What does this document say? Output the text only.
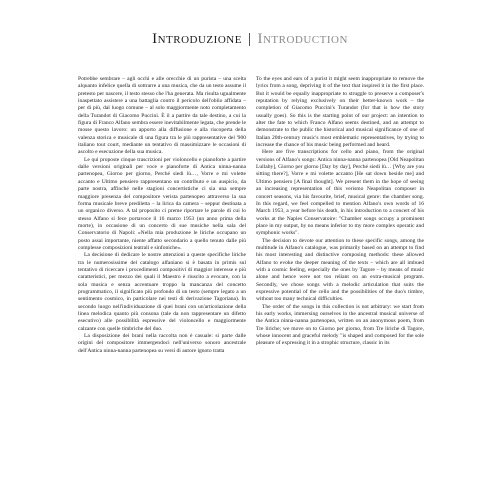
Introduzione | Introduction

Potrebbe sembrare – agli occhi e alle orecchie di un purista – una scelta alquanto infelice quella di sottrarre a una musica, che da un testo assume il pretesto per nascere, il testo stesso che l'ha generata. Ma risulta ugualmente inaspettato assistere a una battaglia contro il pericolo dell'oblio affidata – per di più, dal luogo comune – al solo maggiormente noto completamento della Turandot di Giacomo Puccini. È il a partire da tale destino, a cui la figura di Franco Alfano sembra essere inevitabilmente legata, che prende le mosse questo lavoro: un apporto alla diffusione e alla riscoperta della valenza storica e musicale di una figura tra le più rappresentative del '900 italiano tout court, mediante un tentativo di massimizzare le occasioni di ascolto e esecuzione della sua musica.

Le qui proposte cinque trascrizioni per violoncello e pianoforte a partire dalle versioni originali per voce e pianoforte di Antica ninna-nanna partenopea, Giorno per giorno, Perché siedi lù…, Vorre e mi volette accanto e Ultimo pensiero rappresentano un contributo e un auspicio, da parte nostra, affinché nelle stagioni concertistiche ci sia una sempre maggiore presenza del compositore verista partenopeo attraverso la sua forma musicale breve prediletta – la lirica da camera – seppur destinata a un organico diverso. A tal proposito ci preme riportare le parole di cui lo stesso Alfano si fece portavoce il 16 marzo 1953 (un anno prima della morte), in occasione di un concerto di sue musiche nella sala del Conservatorio di Napoli: «Nella mia produzione le liriche occupano un posto assai importante, niente affatto secondario a quello tenuto dalle più complesse composizioni teatrali e sinfoniche».

La decisione di dedicare le nostre attenzioni a queste specifiche liriche tra le numerosissime del catalogo alfaniano si è basata in primis sul tentativo di ricercare i procedimenti compositivi di maggior interesse e più caratteristici, per mezzo dei quali il Maestro è riuscito a evocare, con la sola musica e senza accentuare troppo la mancanza del concetto programmatico, il significato più profondo di un testo (sempre legato a un sentimento cosmico, in particolare nei testi di derivazione Tagoriana). In secondo luogo nell'individuazione di quei brani con un'articolazione della linea melodica quanto più consona (tale da non rappresentare un difetto esecutivo) alle possibilità espressive del violoncello e maggiormente calzante con quelle timbriche del duo.

La disposizione dei brani nella raccolta non è casuale: si parte dalle origini del compositore immergendoci nell'universo sonoro ancestrale dell'Antica ninna-nanna partenopea su versi di autore ignoto tratta

To the eyes and ears of a purist it might seem inappropriate to remove the lyrics from a song, depriving it of the text that inspired it in the first place. But it would be equally inappropriate to struggle to preserve a composer's reputation by relying exclusively on their better-known work – the completion of Giacomo Puccini's Turandot (for that is how the story usually goes). So this is the starting point of our project: an intention to alter the fate to which Franco Alfano seems destined, and an attempt to demonstrate to the public the historical and musical significance of one of Italian 20th-century music's most emblematic representatives, by trying to increase the chance of his music being performed and heard.

Here are five transcriptions for cello and piano, from the original versions of Alfano's songs: Antica ninna-nanna partenopea [Old Neapolitan Lullaby], Giorno per giorno [Day by day], Perché siedi lù… [Why are you sitting there?], Vorre e mi volette accanto [He sat down beside me] and Ultimo pensiero [A final thought]. We present them in the hope of seeing an increasing representation of this verismo Neapolitan composer in concert seasons, via his favourite, brief, musical genre: the chamber song. In this regard, we feel compelled to mention Alfano's own words of 16 March 1953, a year before his death, in his introduction to a concert of his works at the Naples Conservatoire: "Chamber songs occupy a prominent place in my output, by no means inferior to my more complex operatic and symphonic works".

The decision to devote our attention to these specific songs, among the multitude in Alfano's catalogue, was primarily based on an attempt to find his most interesting and distinctive composing methods: these allowed Alfano to evoke the deeper meaning of the texts – which are all imbued with a cosmic feeling, especially the ones by Tagore – by means of music alone and hence were not too reliant on an extra-musical program. Secondly, we chose songs with a melodic articulation that suits the expressive potential of the cello and the possibilities of the duo's timbre, without too many technical difficulties.

The order of the songs in this collection is not arbitrary: we start from his early works, immersing ourselves in the ancestral musical universe of the Antica ninna-nanna partenopea, written on an anonymous poem, from Tre liriche; we move on to Giorno per giorno, from Tre liriche di Tagore, whose innocent and graceful melody "is shaped and composed for the sole pleasure of expressing it in a strophic structure, classic in its
